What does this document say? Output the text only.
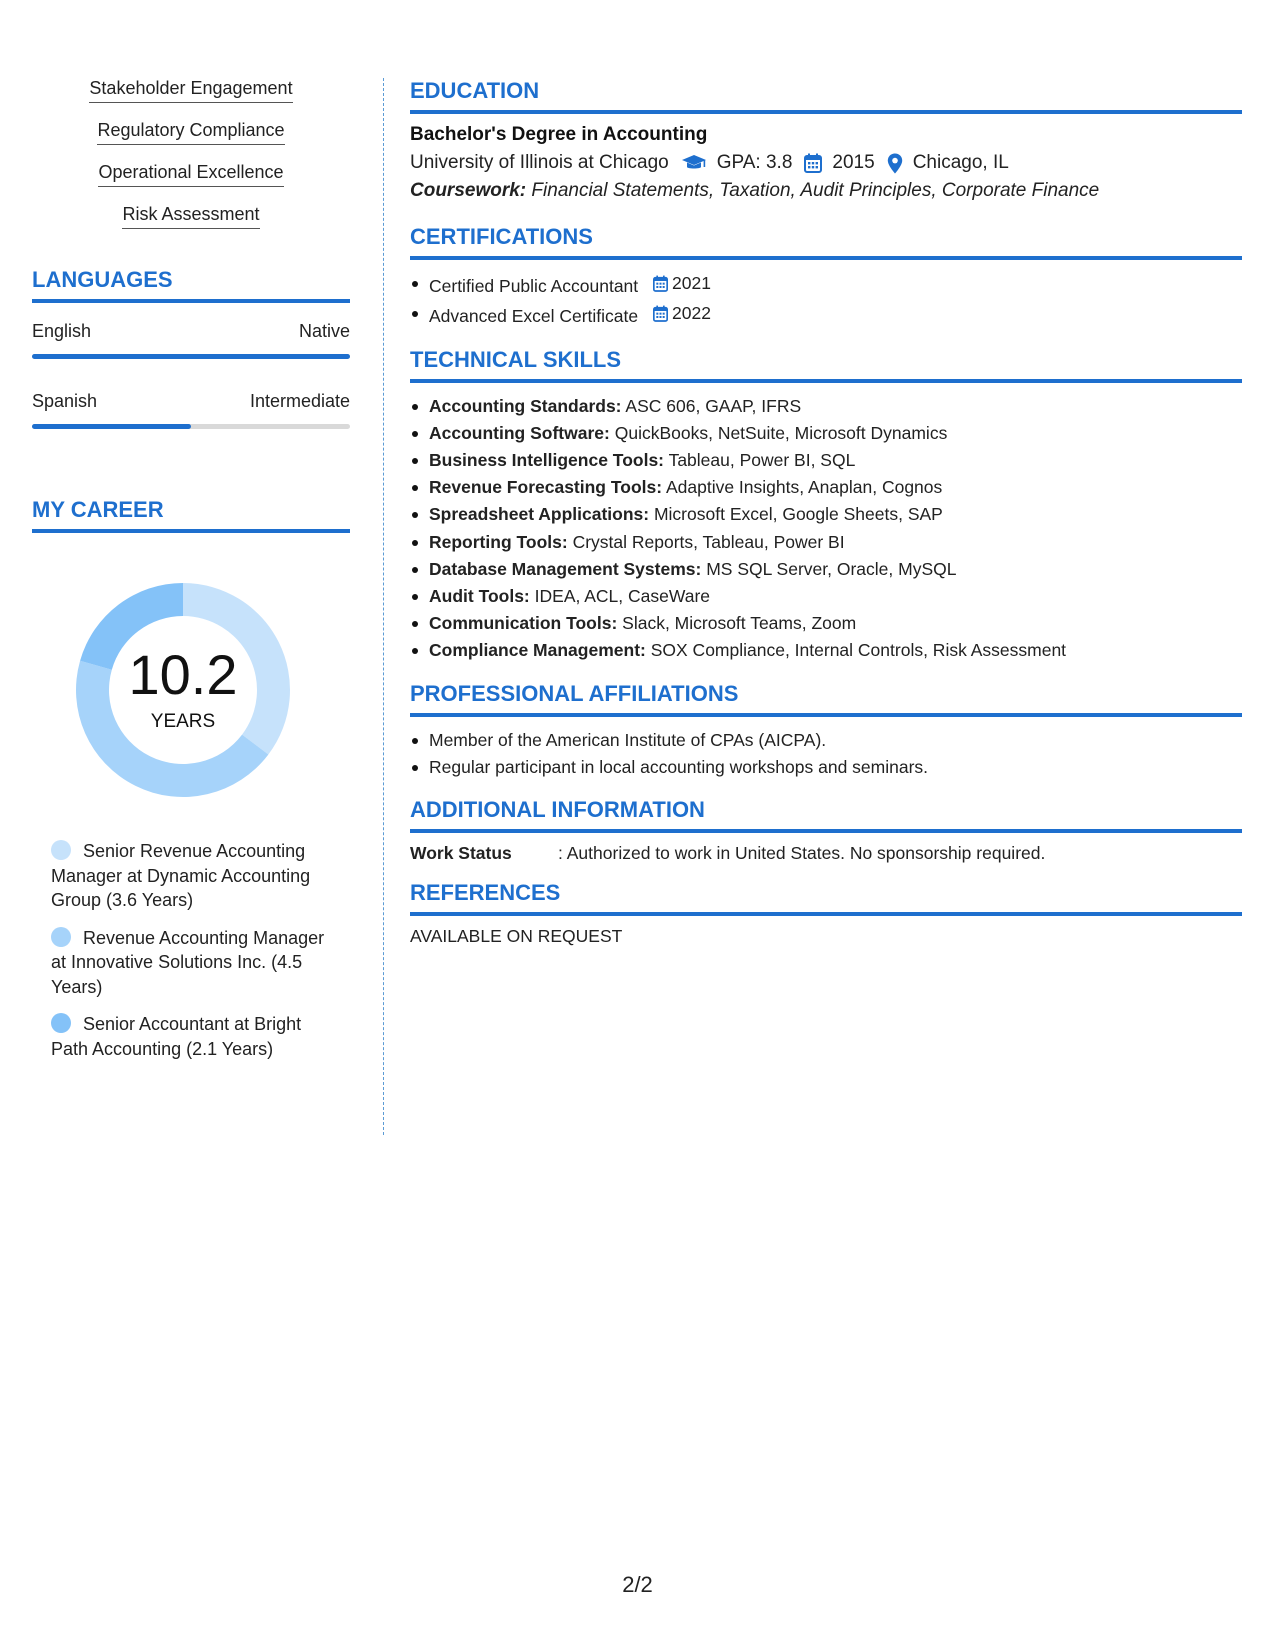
Stakeholder Engagement
Regulatory Compliance
Operational Excellence
Risk Assessment
LANGUAGES
English	Native
Spanish	Intermediate
MY CAREER
10.2
YEARS
Senior Revenue Accounting Manager at Dynamic Accounting Group (3.6 Years)
Revenue Accounting Manager at Innovative Solutions Inc. (4.5 Years)
Senior Accountant at Bright Path Accounting (2.1 Years)
EDUCATION
Bachelor's Degree in Accounting
University of Illinois at Chicago	GPA: 3.8 2015 Chicago, IL
Coursework: Financial Statements, Taxation, Audit Principles, Corporate Finance
CERTIFICATIONS
Certified Public Accountant 2021
Advanced Excel Certificate 2022
TECHNICAL SKILLS
Accounting Standards: ASC 606, GAAP, IFRS
Accounting Software: QuickBooks, NetSuite, Microsoft Dynamics
Business Intelligence Tools: Tableau, Power BI, SQL
Revenue Forecasting Tools: Adaptive Insights, Anaplan, Cognos
Spreadsheet Applications: Microsoft Excel, Google Sheets, SAP
Reporting Tools: Crystal Reports, Tableau, Power BI
Database Management Systems: MS SQL Server, Oracle, MySQL
Audit Tools: IDEA, ACL, CaseWare
Communication Tools: Slack, Microsoft Teams, Zoom
Compliance Management: SOX Compliance, Internal Controls, Risk Assessment
PROFESSIONAL AFFILIATIONS
Member of the American Institute of CPAs (AICPA).
Regular participant in local accounting workshops and seminars.
ADDITIONAL INFORMATION
Work Status	: Authorized to work in United States. No sponsorship required.
REFERENCES
AVAILABLE ON REQUEST
2/2
